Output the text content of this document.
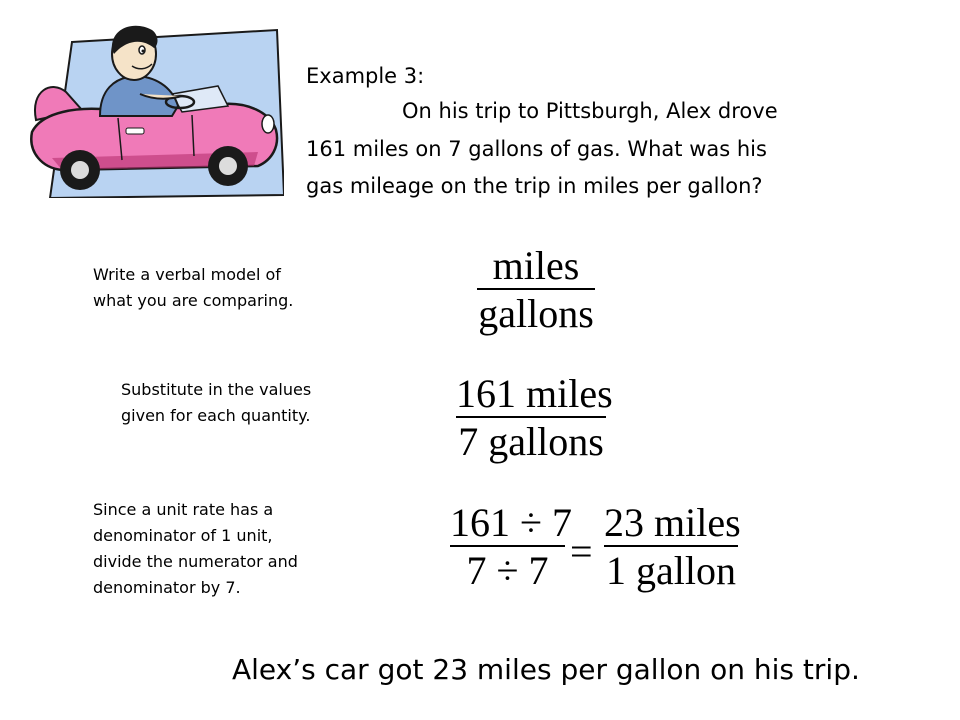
Example 3:
On his trip to Pittsburgh, Alex drove
161 miles on 7 gallons of gas. What was his
gas mileage on the trip in miles per gallon?
Write a verbal model of
what you are comparing.
miles
gallons
Substitute in the values
given for each quantity.	161 miles
7 gallons
Since a unit rate has a
denominator of 1 unit,
divide the numerator and
denominator by 7.
161 ÷ 7
7 ÷ 7 =
23 miles
1 gallon
Alex’s car got 23 miles per gallon on his trip.
